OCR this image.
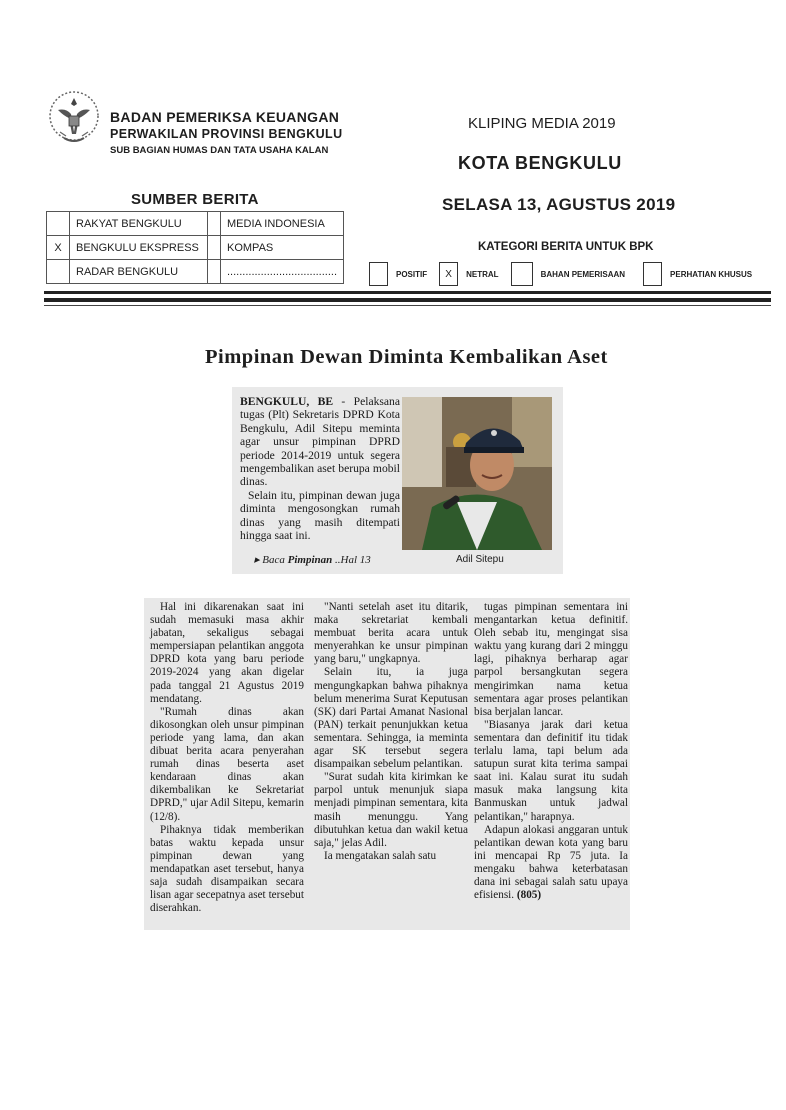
BADAN PEMERIKSA KEUANGAN
PERWAKILAN PROVINSI BENGKULU
SUB BAGIAN HUMAS DAN TATA USAHA KALAN
KLIPING MEDIA 2019
KOTA BENGKULU
SELASA 13, AGUSTUS 2019
SUMBER BERITA
	RAKYAT BENGKULU		MEDIA INDONESIA
X	BENGKULU EKSPRESS		KOMPAS
	RADAR BENGKULU		....................................
KATEGORI BERITA UNTUK BPK
POSITIF	X	NETRAL	BAHAN PEMERISAAN	PERHATIAN KHUSUS
Pimpinan Dewan Diminta Kembalikan Aset

BENGKULU, BE - Pelaksana tugas (Plt) Sekretaris DPRD Kota Bengkulu, Adil Sitepu meminta agar unsur pimpinan DPRD periode 2014-2019 untuk segera mengembalikan aset berupa mobil dinas.

Selain itu, pimpinan dewan juga diminta mengosongkan rumah dinas yang masih ditempati hingga saat ini.

▸ Baca Pimpinan ..Hal 13	Adil Sitepu

Hal ini dikarenakan saat ini sudah memasuki masa akhir jabatan, sekaligus sebagai mempersiapan pelantikan anggota DPRD kota yang baru periode 2019-2024 yang akan digelar pada tanggal 21 Agustus 2019 mendatang.

"Rumah dinas akan dikosongkan oleh unsur pimpinan periode yang lama, dan akan dibuat berita acara penyerahan rumah dinas beserta aset kendaraan dinas akan dikembalikan ke Sekretariat DPRD," ujar Adil Sitepu, kemarin (12/8).

Pihaknya tidak memberikan batas waktu kepada unsur pimpinan dewan yang mendapatkan aset tersebut, hanya saja sudah disampaikan secara lisan agar secepatnya aset tersebut diserahkan.

"Nanti setelah aset itu ditarik, maka sekretariat kembali membuat berita acara untuk menyerahkan ke unsur pimpinan yang baru," ungkapnya.

Selain itu, ia juga mengungkapkan bahwa pihaknya belum menerima Surat Keputusan (SK) dari Partai Amanat Nasional (PAN) terkait penunjukkan ketua sementara. Sehingga, ia meminta agar SK tersebut segera disampaikan sebelum pelantikan.

"Surat sudah kita kirimkan ke parpol untuk menunjuk siapa menjadi pimpinan sementara, kita masih menunggu. Yang dibutuhkan ketua dan wakil ketua saja," jelas Adil.

Ia mengatakan salah satu

tugas pimpinan sementara ini mengantarkan ketua definitif. Oleh sebab itu, mengingat sisa waktu yang kurang dari 2 minggu lagi, pihaknya berharap agar parpol bersangkutan segera mengirimkan nama ketua sementara agar proses pelantikan bisa berjalan lancar.

"Biasanya jarak dari ketua sementara dan definitif itu tidak terlalu lama, tapi belum ada satupun surat kita terima sampai saat ini. Kalau surat itu sudah masuk maka langsung kita Banmuskan untuk jadwal pelantikan," harapnya.

Adapun alokasi anggaran untuk pelantikan dewan kota yang baru ini mencapai Rp 75 juta. Ia mengaku bahwa keterbatasan dana ini sebagai salah satu upaya efisiensi. (805)
